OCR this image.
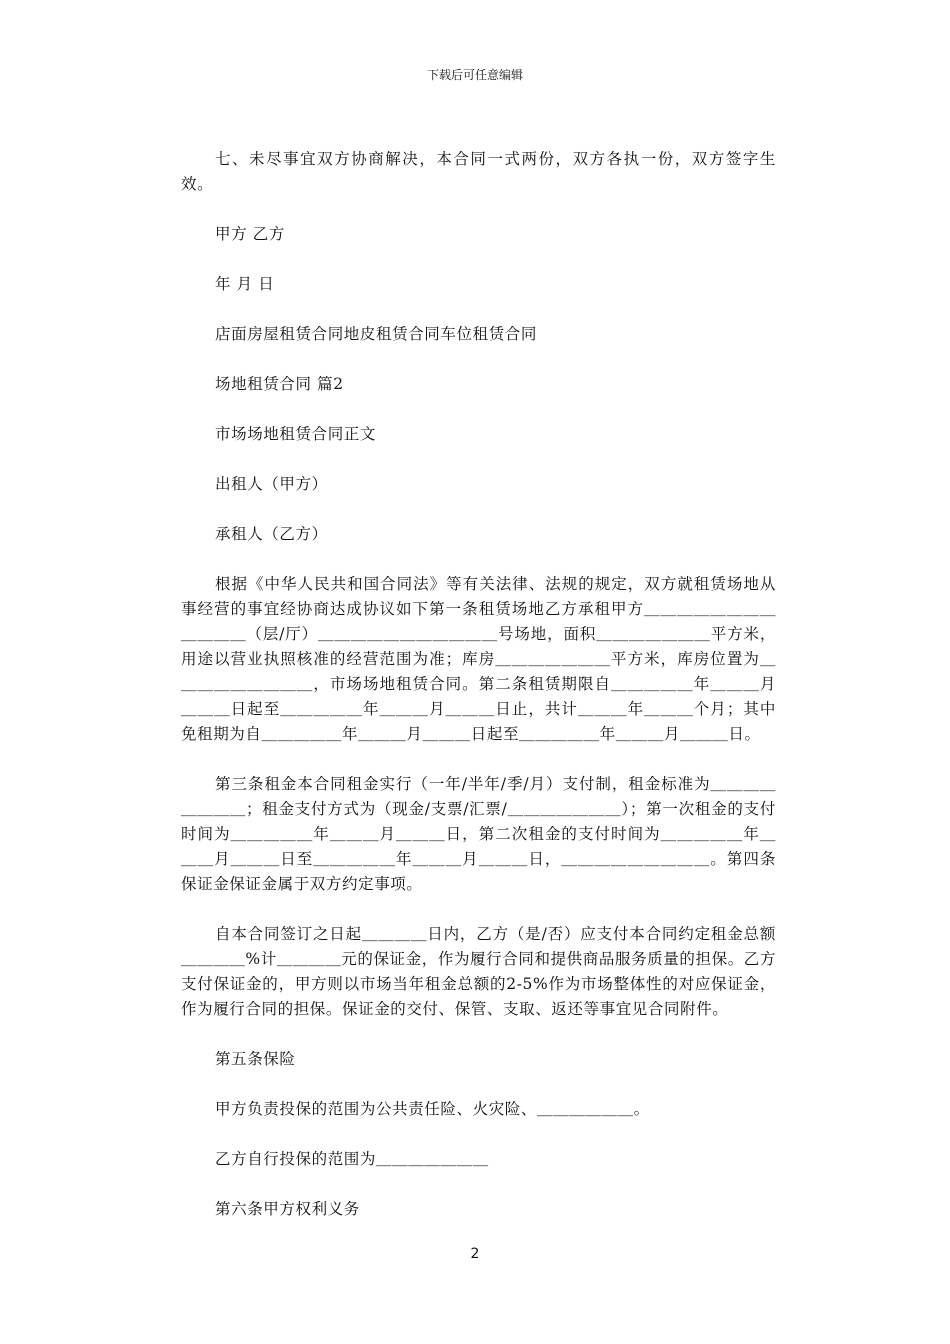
下载后可任意编辑

七、未尽事宜双方协商解决，本合同一式两份，双方各执一份，双方签字生效。

甲方 乙方

年 月 日

店面房屋租赁合同地皮租赁合同车位租赁合同

场地租赁合同 篇2

市场场地租赁合同正文

出租人（甲方）

承租人（乙方）

根据《中华人民共和国合同法》等有关法律、法规的规定，双方就租赁场地从事经营的事宜经协商达成协议如下第一条租赁场地乙方承租甲方＿＿＿＿＿＿＿＿＿＿＿＿（层/厅）＿＿＿＿＿＿＿＿＿＿＿号场地，面积＿＿＿＿＿＿＿平方米，用途以营业执照核准的经营范围为准；库房＿＿＿＿＿＿＿平方米，库房位置为＿＿＿＿＿＿＿＿＿，市场场地租赁合同。第二条租赁期限自＿＿＿＿＿年＿＿＿月＿＿＿日起至＿＿＿＿＿年＿＿＿月＿＿＿日止，共计＿＿＿年＿＿＿个月；其中免租期为自＿＿＿＿＿年＿＿＿月＿＿＿日起至＿＿＿＿＿年＿＿＿月＿＿＿日。

第三条租金本合同租金实行（一年/半年/季/月）支付制，租金标准为＿＿＿＿＿＿＿＿；租金支付方式为（现金/支票/汇票/＿＿＿＿＿＿＿）；第一次租金的支付时间为＿＿＿＿＿年＿＿＿月＿＿＿日，第二次租金的支付时间为＿＿＿＿＿年＿＿＿月＿＿＿日至＿＿＿＿＿年＿＿＿月＿＿＿日，＿＿＿＿＿＿＿＿＿。第四条保证金保证金属于双方约定事项。

自本合同签订之日起＿＿＿＿日内，乙方（是/否）应支付本合同约定租金总额＿＿＿＿%计＿＿＿＿元的保证金，作为履行合同和提供商品服务质量的担保。乙方支付保证金的，甲方则以市场当年租金总额的2-5%作为市场整体性的对应保证金，作为履行合同的担保。保证金的交付、保管、支取、返还等事宜见合同附件。

第五条保险

甲方负责投保的范围为公共责任险、火灾险、＿＿＿＿＿＿。

乙方自行投保的范围为＿＿＿＿＿＿＿

第六条甲方权利义务

2
